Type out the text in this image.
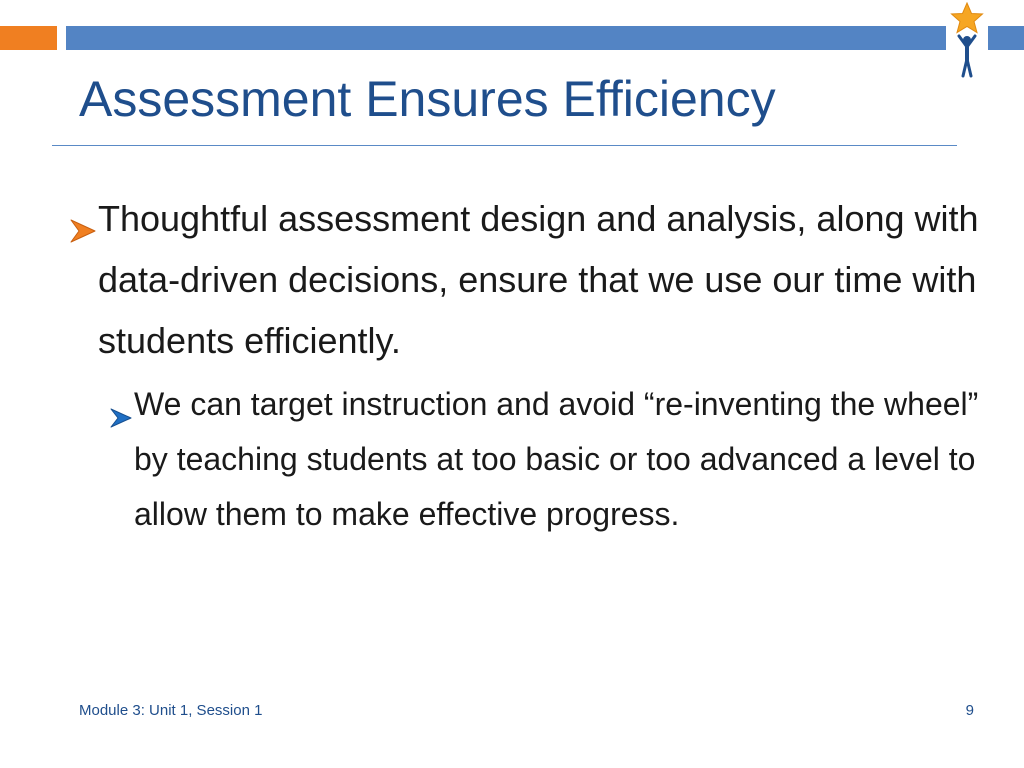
Assessment Ensures Efficiency
Thoughtful assessment design and analysis, along with data-driven decisions, ensure that we use our time with students efficiently.
We can target instruction and avoid “re-inventing the wheel” by teaching students at too basic or too advanced a level to allow them to make effective progress.
Module 3: Unit 1, Session 1	9
